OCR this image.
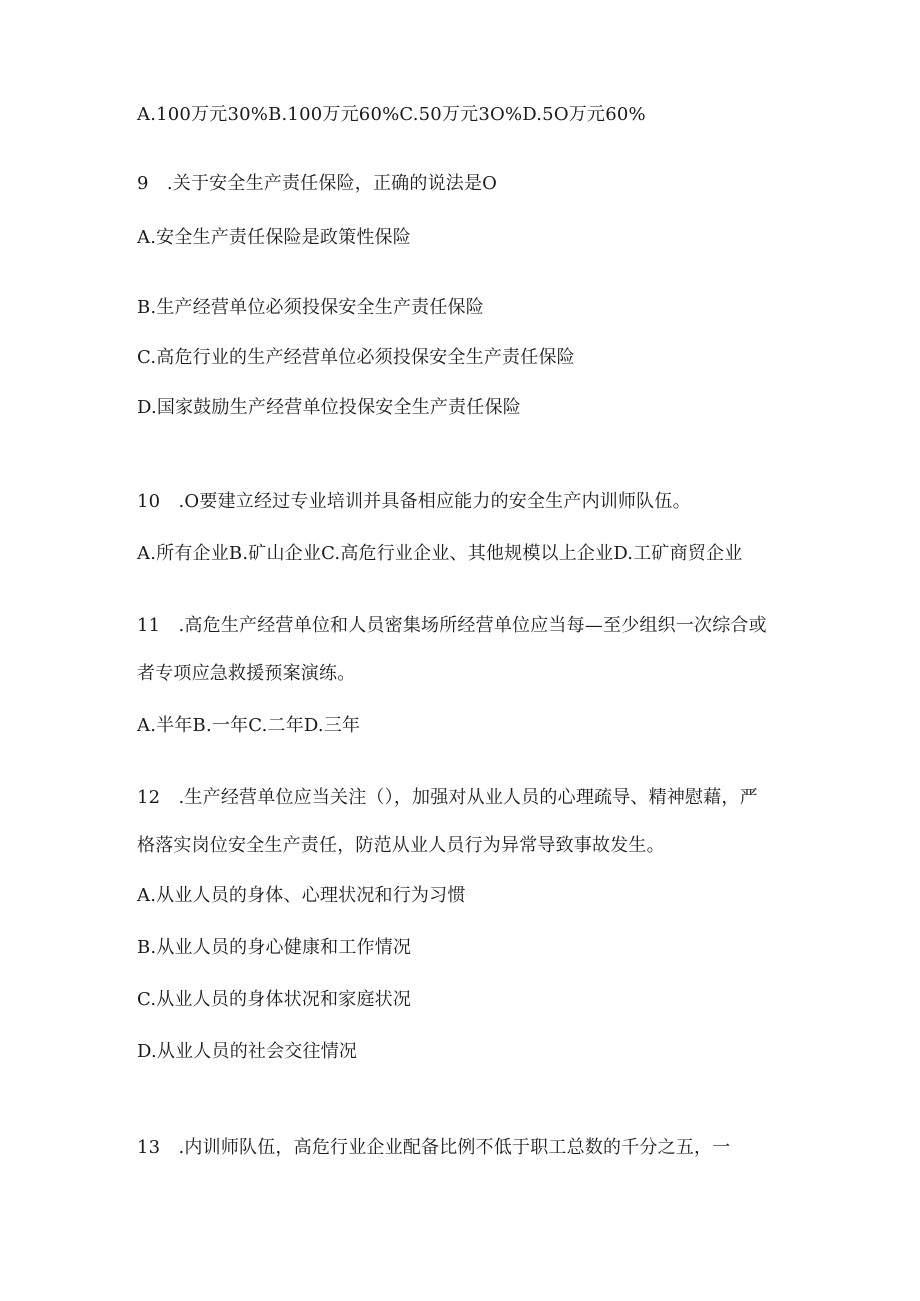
A.100万元30%B.100万元60%C.50万元3O%D.5O万元60%

9　.关于安全生产责任保险，正确的说法是O

A.安全生产责任保险是政策性保险

B.生产经营单位必须投保安全生产责任保险

C.高危行业的生产经营单位必须投保安全生产责任保险

D.国家鼓励生产经营单位投保安全生产责任保险

10　.O要建立经过专业培训并具备相应能力的安全生产内训师队伍。

A.所有企业B.矿山企业C.高危行业企业、其他规模以上企业D.工矿商贸企业

11　.高危生产经营单位和人员密集场所经营单位应当每—至少组织一次综合或

者专项应急救援预案演练。

A.半年B.一年C.二年D.三年

12　.生产经营单位应当关注（），加强对从业人员的心理疏导、精神慰藉，严

格落实岗位安全生产责任，防范从业人员行为异常导致事故发生。

A.从业人员的身体、心理状况和行为习惯

B.从业人员的身心健康和工作情况

C.从业人员的身体状况和家庭状况

D.从业人员的社会交往情况

13　.内训师队伍，高危行业企业配备比例不低于职工总数的千分之五，一
